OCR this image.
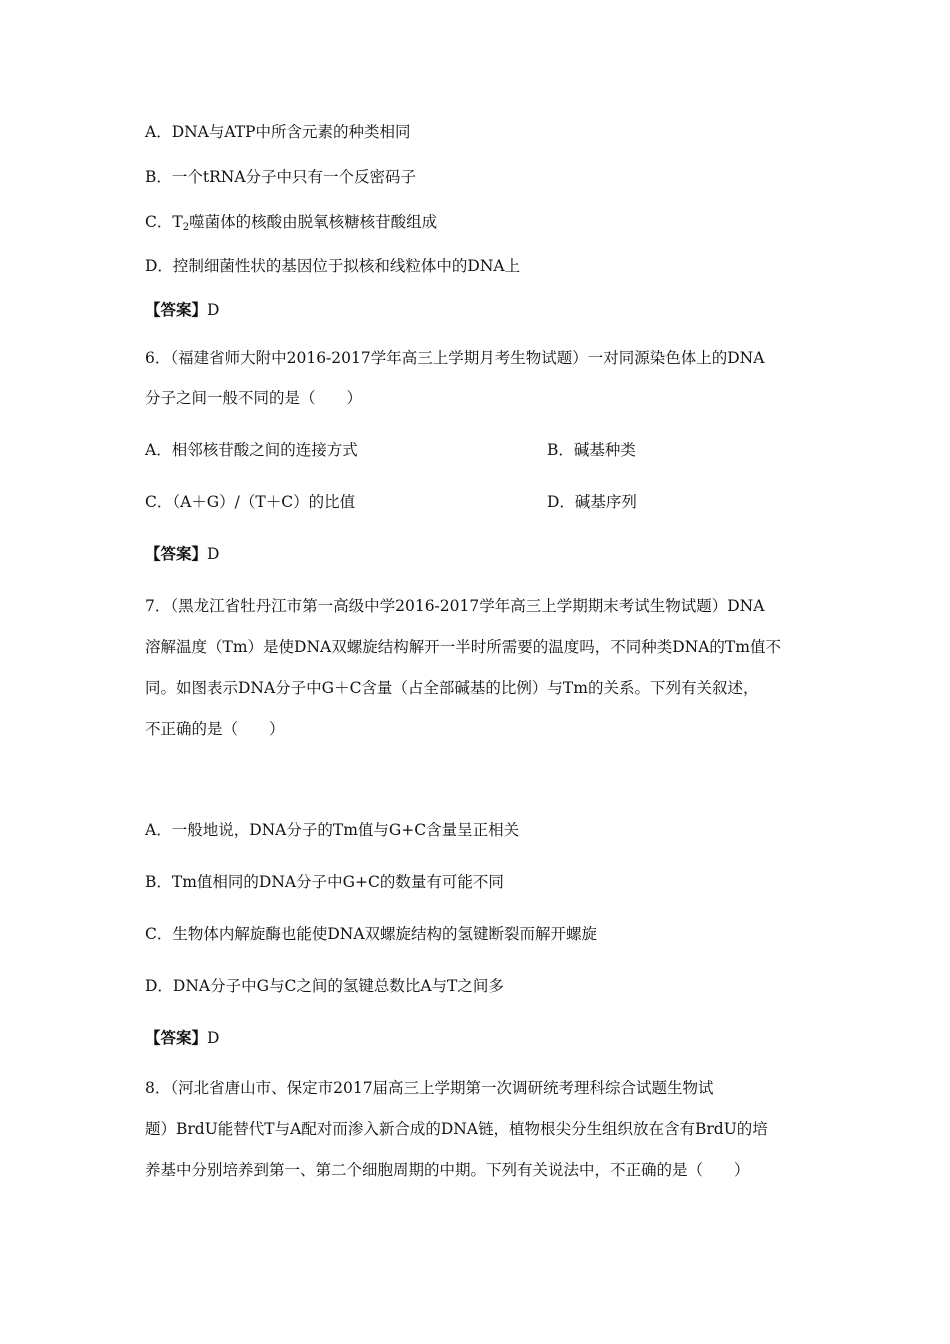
A．DNA与ATP中所含元素的种类相同
B．一个tRNA分子中只有一个反密码子
C．$T_2$噬菌体的核酸由脱氧核糖核苷酸组成
D．控制细菌性状的基因位于拟核和线粒体中的DNA上
【答案】D
6．（福建省师大附中2016-2017学年高三上学期月考生物试题）一对同源染色体上的DNA
分子之间一般不同的是（　　）
A．相邻核苷酸之间的连接方式	B．碱基种类
C．（A＋G）/（T＋C）的比值	D．碱基序列
【答案】D
7．（黑龙江省牡丹江市第一高级中学2016-2017学年高三上学期期末考试生物试题）DNA
溶解温度（Tm）是使DNA双螺旋结构解开一半时所需要的温度吗，不同种类DNA的Tm值不
同。如图表示DNA分子中G＋C含量（占全部碱基的比例）与Tm的关系。下列有关叙述，
不正确的是（　　）
A．一般地说，DNA分子的Tm值与G+C含量呈正相关
B．Tm值相同的DNA分子中G+C的数量有可能不同
C．生物体内解旋酶也能使DNA双螺旋结构的氢键断裂而解开螺旋
D．DNA分子中G与C之间的氢键总数比A与T之间多
【答案】D
8．（河北省唐山市、保定市2017届高三上学期第一次调研统考理科综合试题生物试
题）BrdU能替代T与A配对而渗入新合成的DNA链，植物根尖分生组织放在含有BrdU的培
养基中分别培养到第一、第二个细胞周期的中期。下列有关说法中，不正确的是（　　）
